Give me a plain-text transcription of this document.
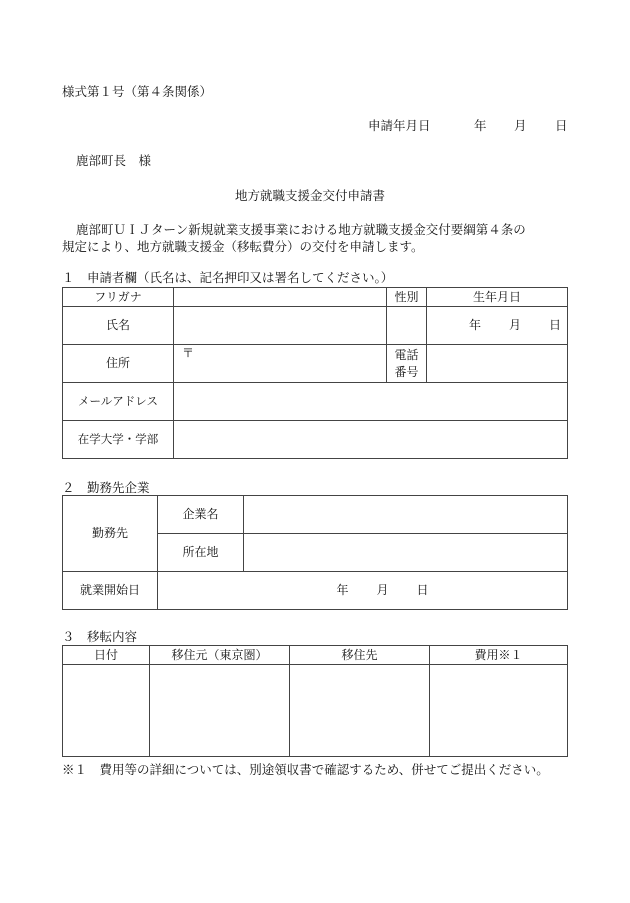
様式第１号（第４条関係）
申請年月日	年 月 日
鹿部町長　様
地方就職支援金交付申請書
鹿部町ＵＩＪターン新規就業支援事業における地方就職支援金交付要綱第４条の
規定により、地方就職支援金（移転費分）の交付を申請します。
１　申請者欄（氏名は、記名押印又は署名してください。）
フリガナ		性別	生年月日
氏名			年 月 日
住所	〒	電話
番号	

メールアドレス			
在学大学・学部			
２　勤務先企業
勤務先	企業名	
	所在地	
就業開始日	年 月 日	
３　移転内容
日付	移住元（東京圏）	移住先	費用※１

※１　費用等の詳細については、別途領収書で確認するため、併せてご提出ください。
